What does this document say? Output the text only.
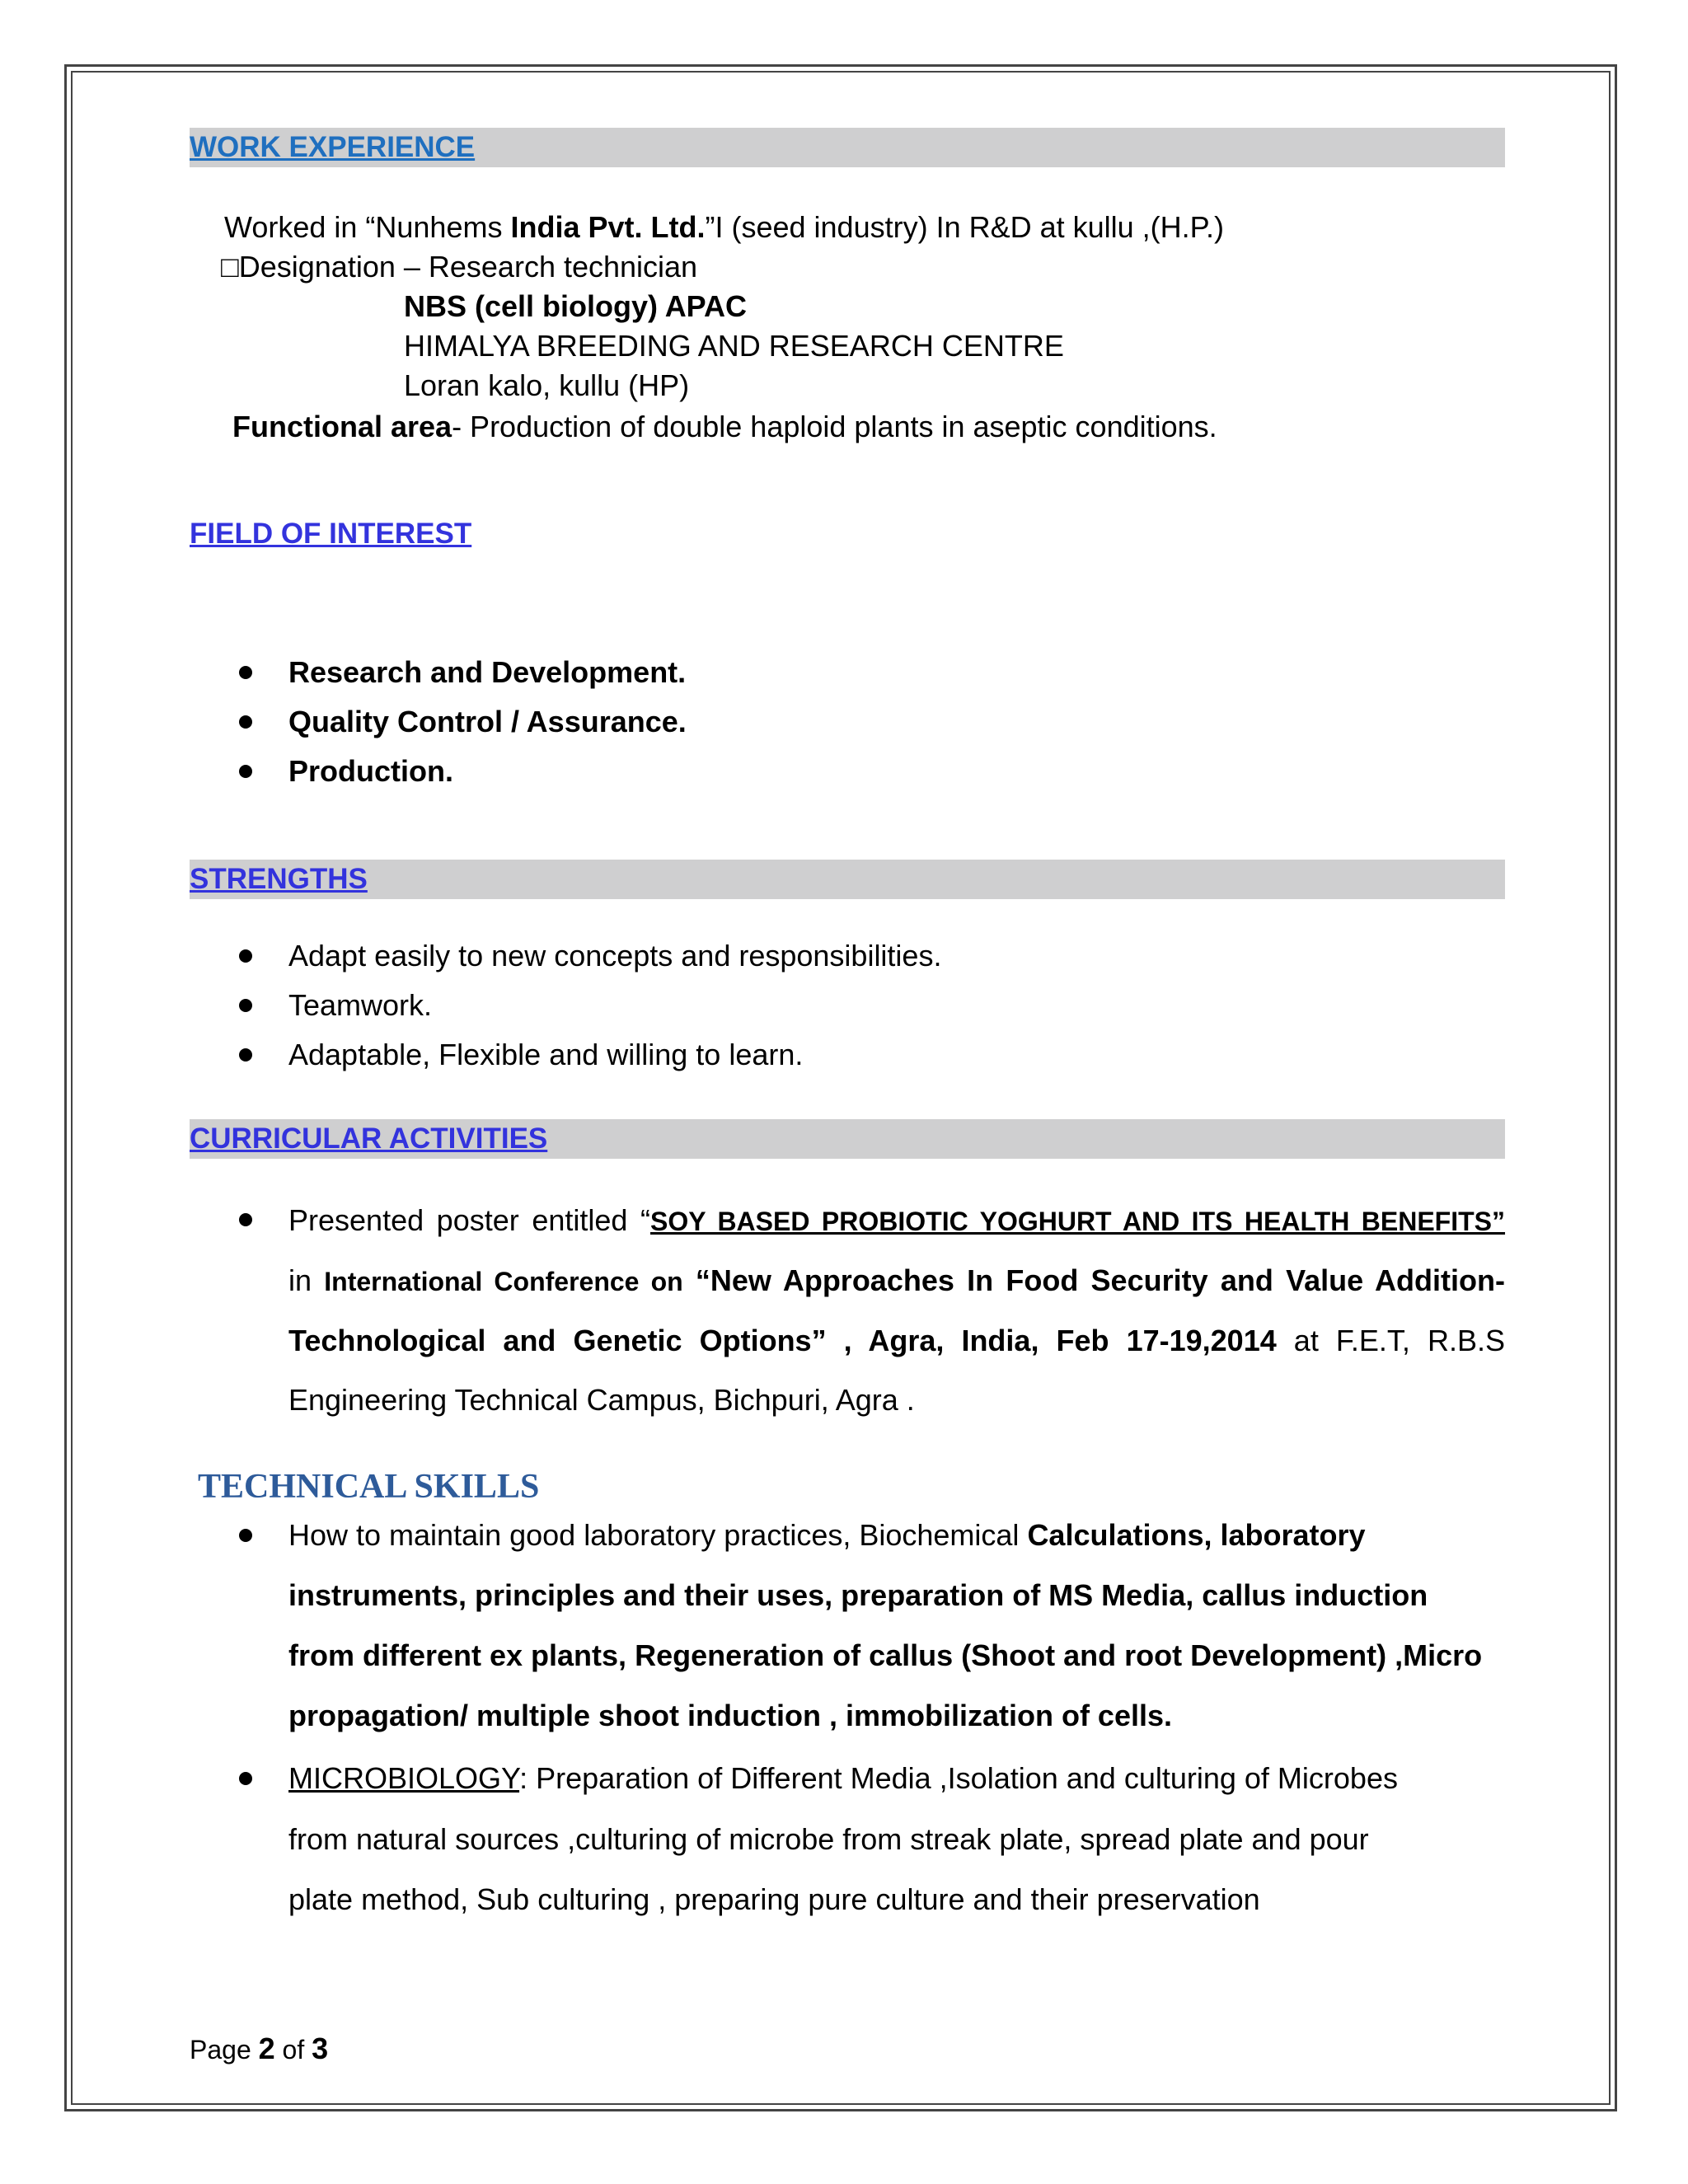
WORK EXPERIENCE
Worked in “Nunhems India Pvt. Ltd.”I (seed industry) In R&D at kullu ,(H.P.)
□Designation – Research technician
NBS (cell biology) APAC
HIMALYA BREEDING AND RESEARCH CENTRE
Loran kalo, kullu (HP)
Functional area- Production of double haploid plants in aseptic conditions.
FIELD OF INTEREST
Research and Development.
Quality Control / Assurance.
Production.
STRENGTHS
Adapt easily to new concepts and responsibilities.
Teamwork.
Adaptable, Flexible and willing to learn.
CURRICULAR ACTIVITIES
Presented poster entitled “SOY BASED PROBIOTIC YOGHURT AND ITS HEALTH BENEFITS”
in International Conference on “New Approaches In Food Security and Value Addition-
Technological and Genetic Options” , Agra, India, Feb 17-19,2014 at F.E.T, R.B.S
Engineering Technical Campus, Bichpuri, Agra .
TECHNICAL SKILLS
How to maintain good laboratory practices, Biochemical Calculations, laboratory
instruments, principles and their uses, preparation of MS Media, callus induction
from different ex plants, Regeneration of callus (Shoot and root Development) ,Micro
propagation/ multiple shoot induction , immobilization of cells.
MICROBIOLOGY: Preparation of Different Media ,Isolation and culturing of Microbes
from natural sources ,culturing of microbe from streak plate, spread plate and pour
plate method, Sub culturing , preparing pure culture and their preservation
Page 2 of 3
